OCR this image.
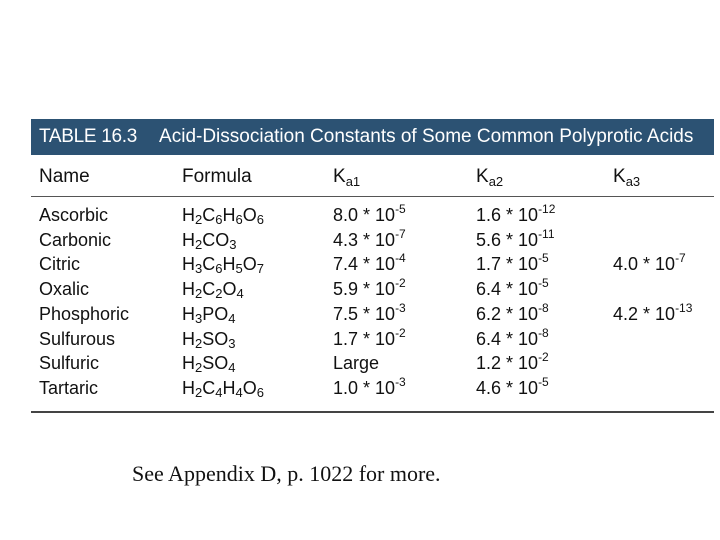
TABLE 16.3 Acid-Dissociation Constants of Some Common Polyprotic Acids
Name	Formula	$K_{a1}$	$K_{a2}$	$K_{a3}$
Ascorbic	$H_2C_6H_6O_6$	$8.0 * 10^{-5}$	$1.6 * 10^{-12}$
Carbonic	$H_2CO_3$	$4.3 * 10^{-7}$	$5.6 * 10^{-11}$
Citric	$H_3C_6H_5O_7$	$7.4 * 10^{-4}$	$1.7 * 10^{-5}$	$4.0 * 10^{-7}$
Oxalic	$H_2C_2O_4$	$5.9 * 10^{-2}$	$6.4 * 10^{-5}$
Phosphoric	$H_3PO_4$	$7.5 * 10^{-3}$	$6.2 * 10^{-8}$	$4.2 * 10^{-13}$
Sulfurous	$H_2SO_3$	$1.7 * 10^{-2}$	$6.4 * 10^{-8}$
Sulfuric	$H_2SO_4$	Large	$1.2 * 10^{-2}$
Tartaric	$H_2C_4H_4O_6$	$1.0 * 10^{-3}$	$4.6 * 10^{-5}$
See Appendix D, p. 1022 for more.
